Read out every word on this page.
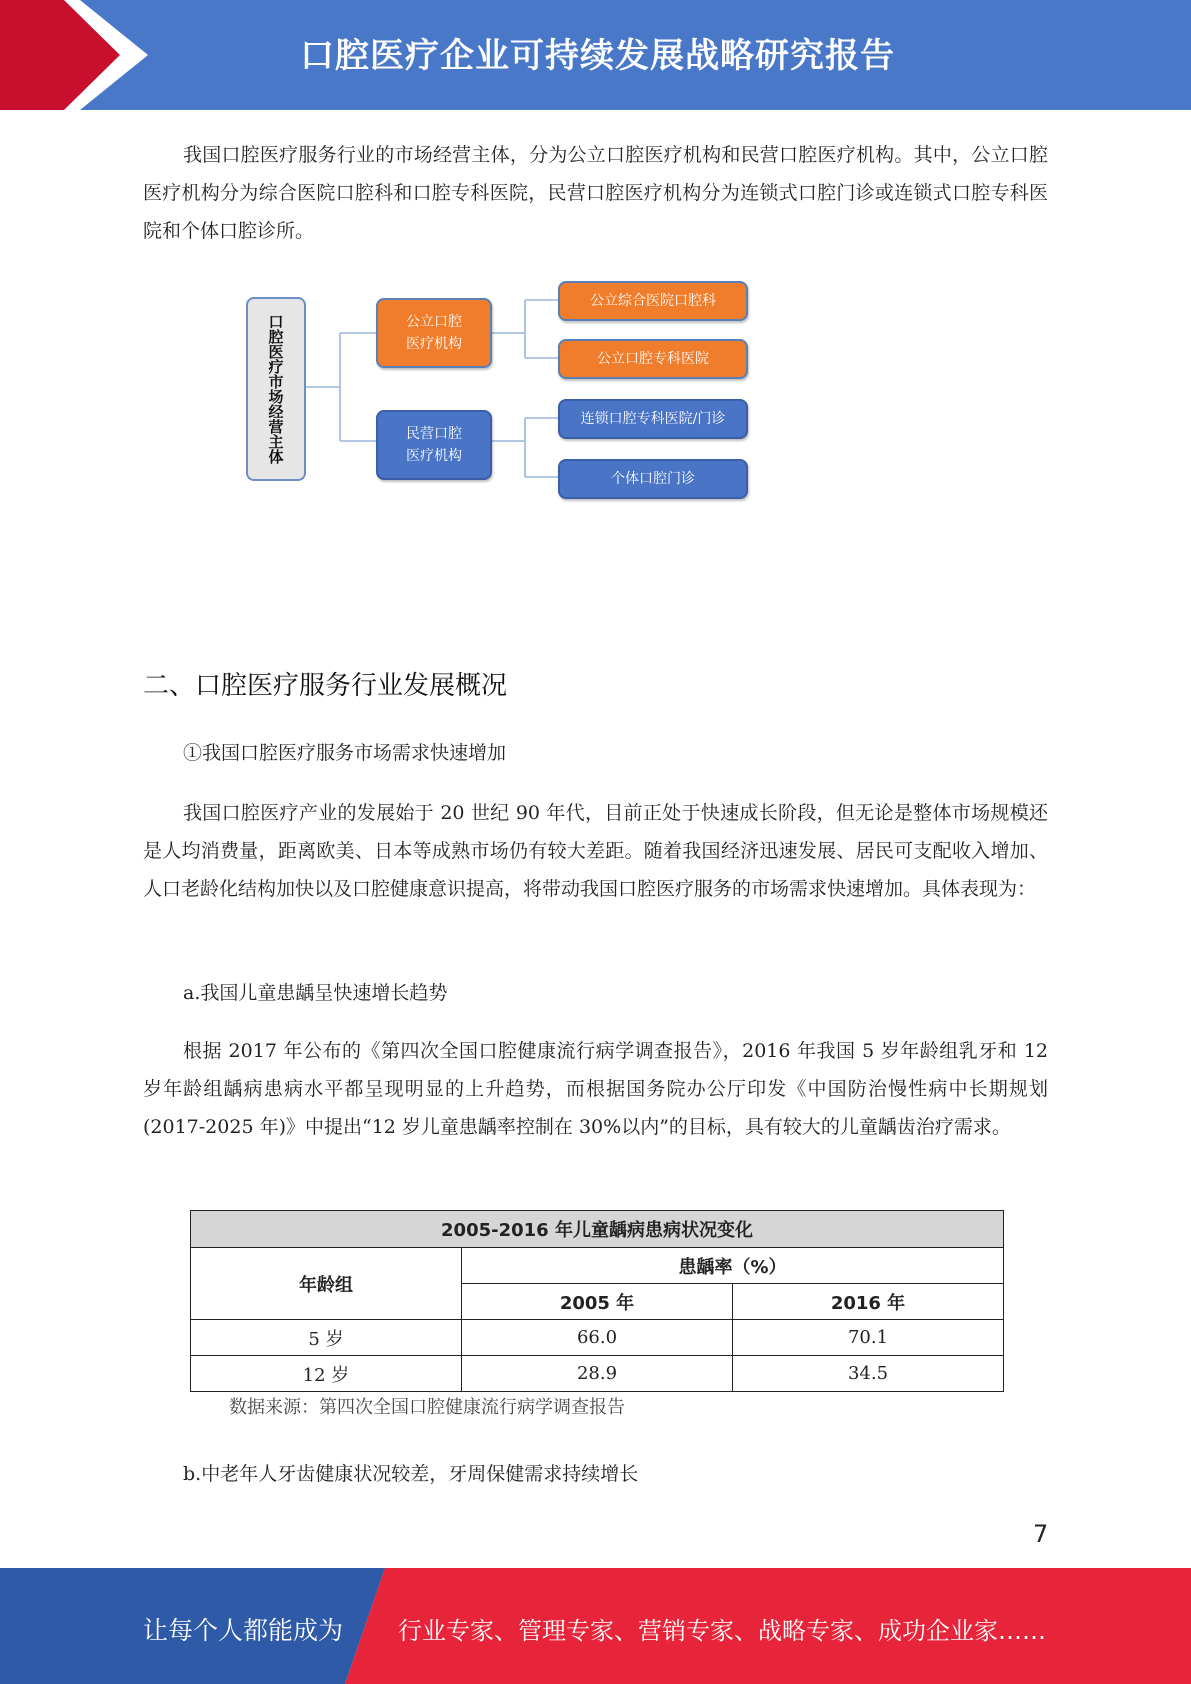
口腔医疗企业可持续发展战略研究报告

我国口腔医疗服务行业的市场经营主体，分为公立口腔医疗机构和民营口腔医疗机构。其中，公立口腔医疗机构分为综合医院口腔科和口腔专科医院，民营口腔医疗机构分为连锁式口腔门诊或连锁式口腔专科医院和个体口腔诊所。

口腔医疗市场经营主体	公立口腔
医疗机构
民营口腔
医疗机构
公立综合医院口腔科
公立口腔专科医院
连锁口腔专科医院/门诊
个体口腔门诊
二、口腔医疗服务行业发展概况

①我国口腔医疗服务市场需求快速增加

我国口腔医疗产业的发展始于 20 世纪 90 年代，目前正处于快速成长阶段，但无论是整体市场规模还是人均消费量，距离欧美、日本等成熟市场仍有较大差距。随着我国经济迅速发展、居民可支配收入增加、人口老龄化结构加快以及口腔健康意识提高，将带动我国口腔医疗服务的市场需求快速增加。具体表现为：

a.我国儿童患龋呈快速增长趋势

根据 2017 年公布的《第四次全国口腔健康流行病学调查报告》，2016 年我国 5 岁年龄组乳牙和 12 岁年龄组龋病患病水平都呈现明显的上升趋势，而根据国务院办公厅印发《中国防治慢性病中长期规划(2017-2025 年)》中提出“12 岁儿童患龋率控制在 30%以内”的目标，具有较大的儿童龋齿治疗需求。

2005-2016 年儿童龋病患病状况变化		
年龄组	患龋率（%）	
	2005 年	2016 年
5 岁	66.0	70.1
12 岁	28.9	34.5
数据来源：第四次全国口腔健康流行病学调查报告

b.中老年人牙齿健康状况较差，牙周保健需求持续增长

7
让每个人都能成为 行业专家、管理专家、营销专家、战略专家、成功企业家……
